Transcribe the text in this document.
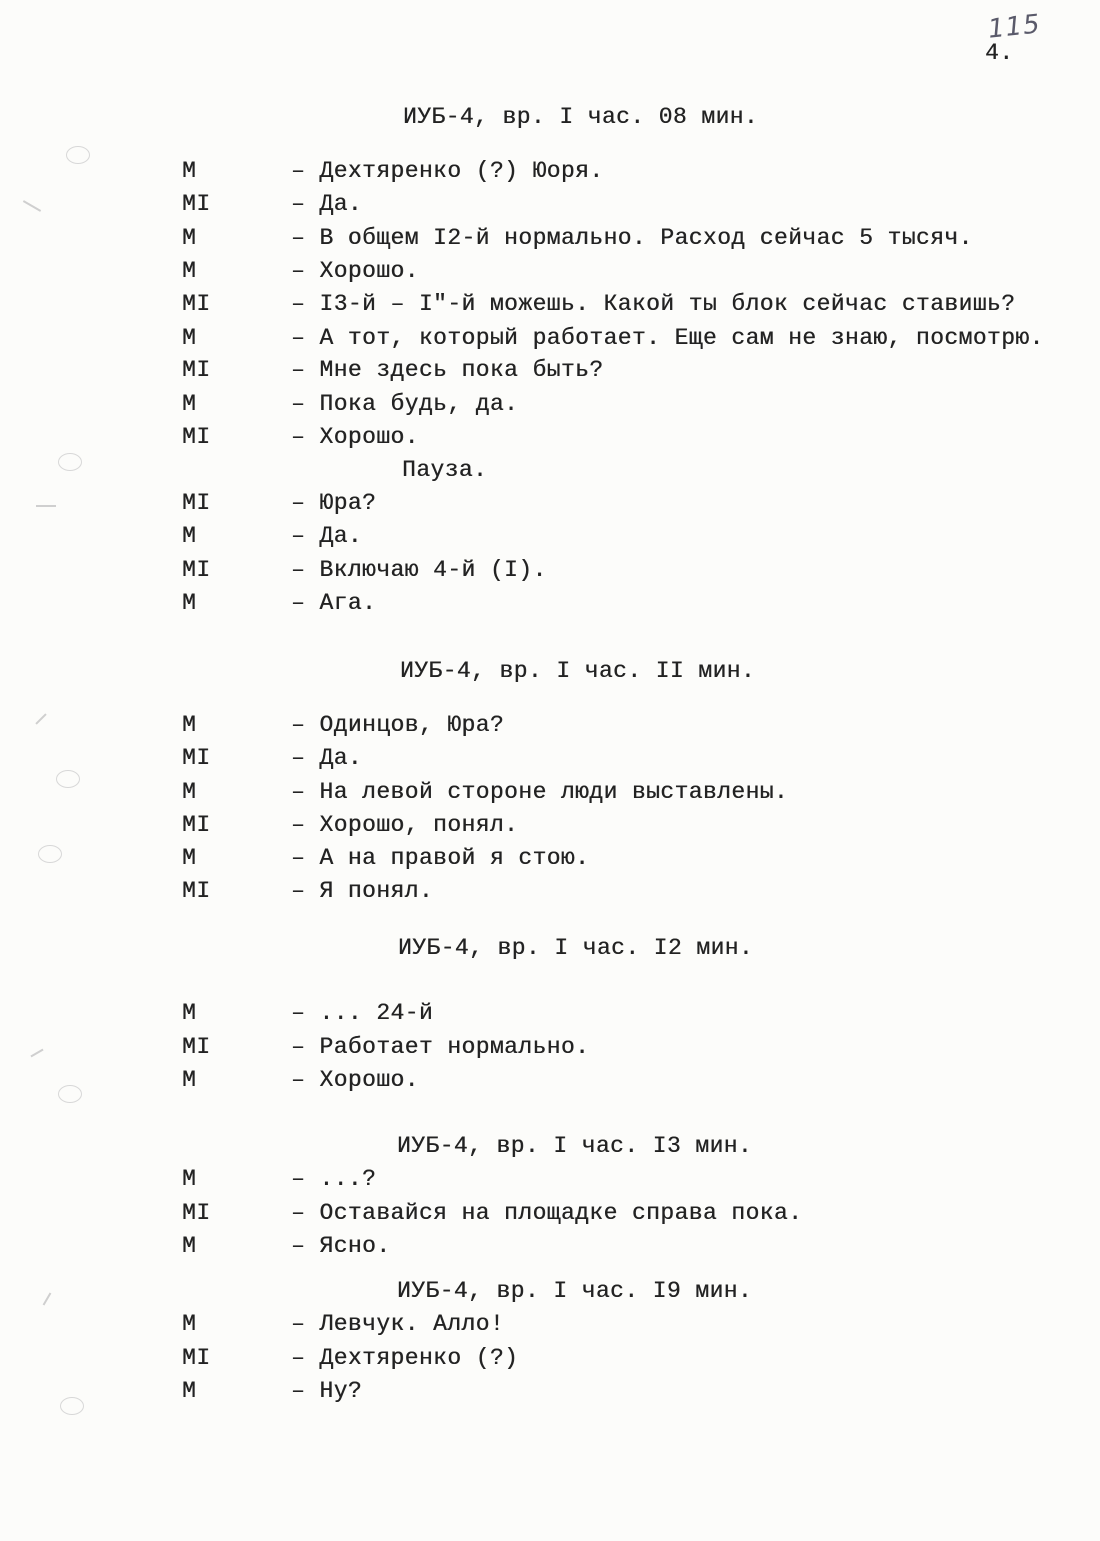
115
4.
ИУБ-4, вр. I час. 08 мин.
М	– Дехтяренко (?) Юоря.
МI	– Да.
М	– В общем I2-й нормально. Расход сейчас 5 тысяч.
М	– Хорошо.
МI	– I3-й – I"-й можешь. Какой ты блок сейчас ставишь?
М	– А тот, который работает. Еще сам не знаю, посмотрю.
МI	– Мне здесь пока быть?
М	– Пока будь, да.
МI	– Хорошо.
Пауза.
МI	– Юра?
М	– Да.
МI	– Включаю 4-й (I).
М	– Ага.
ИУБ-4, вр. I час. II мин.
М	– Одинцов, Юра?
МI	– Да.
М	– На левой стороне люди выставлены.
МI	– Хорошо, понял.
М	– А на правой я стою.
МI	– Я понял.
ИУБ-4, вр. I час. I2 мин.
М	– ... 24-й
МI	– Работает нормально.
М	– Хорошо.
ИУБ-4, вр. I час. I3 мин.
М	– ...?
МI	– Оставайся на площадке справа пока.
М	– Ясно.
ИУБ-4, вр. I час. I9 мин.
М	– Левчук. Алло!
МI	– Дехтяренко (?)
М	– Ну?
